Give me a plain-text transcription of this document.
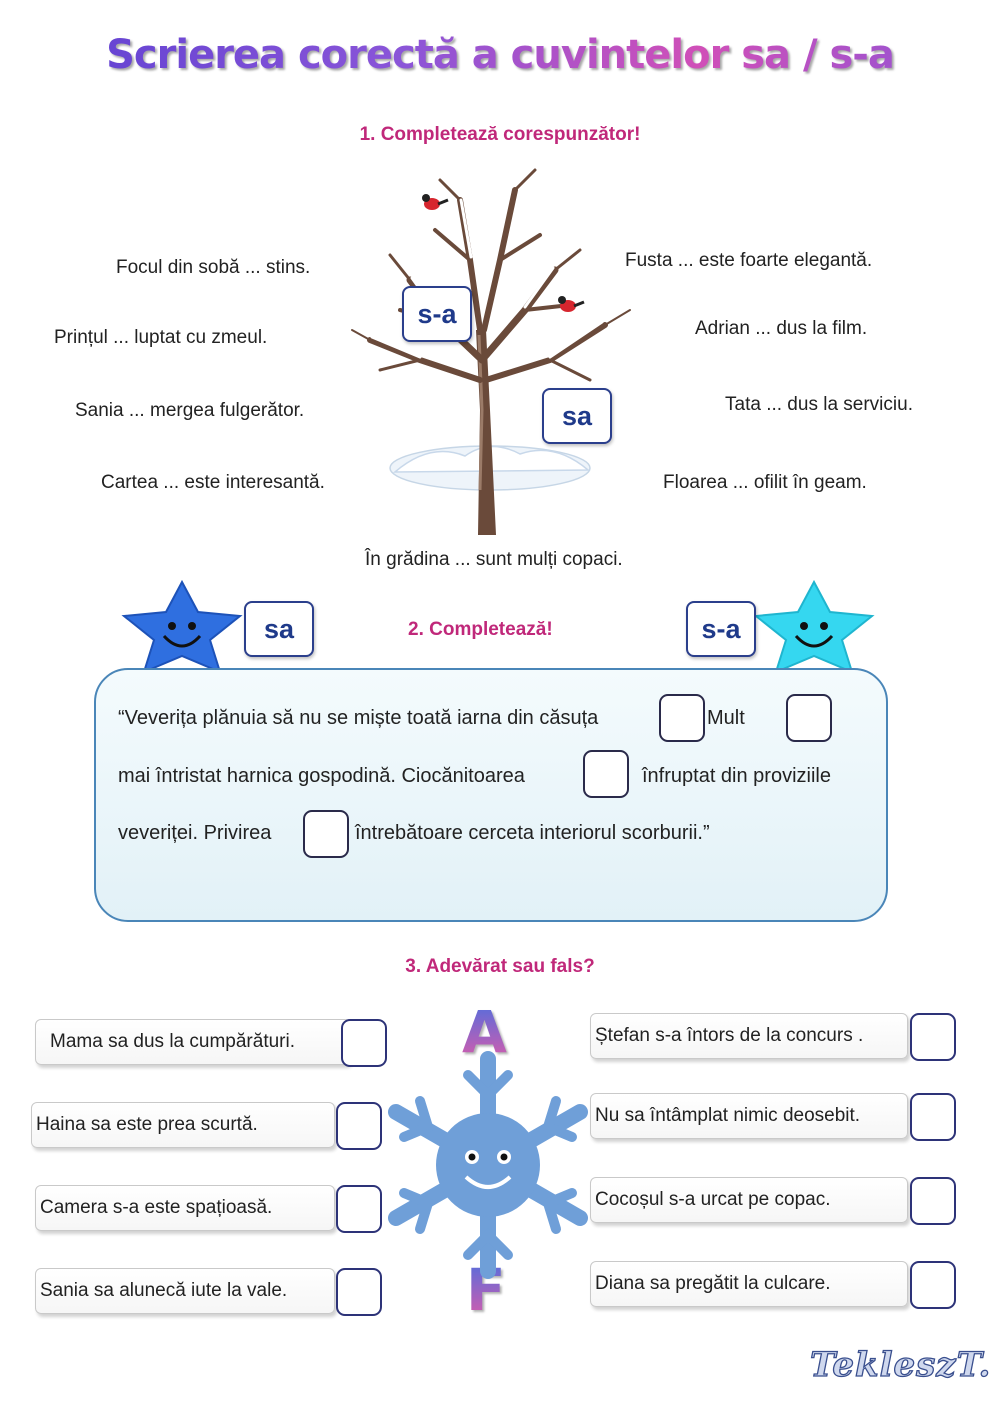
Scrierea corectă a cuvintelor sa / s-a
1. Completează corespunzător!
s-a
sa
Focul din sobă ... stins.
Prințul ... luptat cu zmeul.
Sania ... mergea fulgerător.
Cartea ... este interesantă.
Fusta ... este foarte elegantă.
Adrian ... dus la film.
Tata ... dus la serviciu.
Floarea ... ofilit în geam.
În grădina ... sunt mulți copaci.
sa	s-a
2. Completează!
“Veverița plănuia să nu se miște toată iarna din căsuța	Mult
mai întristat harnica gospodină. Ciocănitoarea	înfruptat din proviziile
veveriței. Privirea	întrebătoare cerceta interiorul scorburii.”
3. Adevărat sau fals?
A
F
Mama sa dus la cumpărături.
Haina sa este prea scurtă.
Camera s-a este spațioasă.
Sania sa alunecă iute la vale.
Ștefan s-a întors de la concurs .
Nu sa întâmplat nimic deosebit.
Cocoșul s-a urcat pe copac.
Diana sa pregătit la culcare.
TekleszT.
